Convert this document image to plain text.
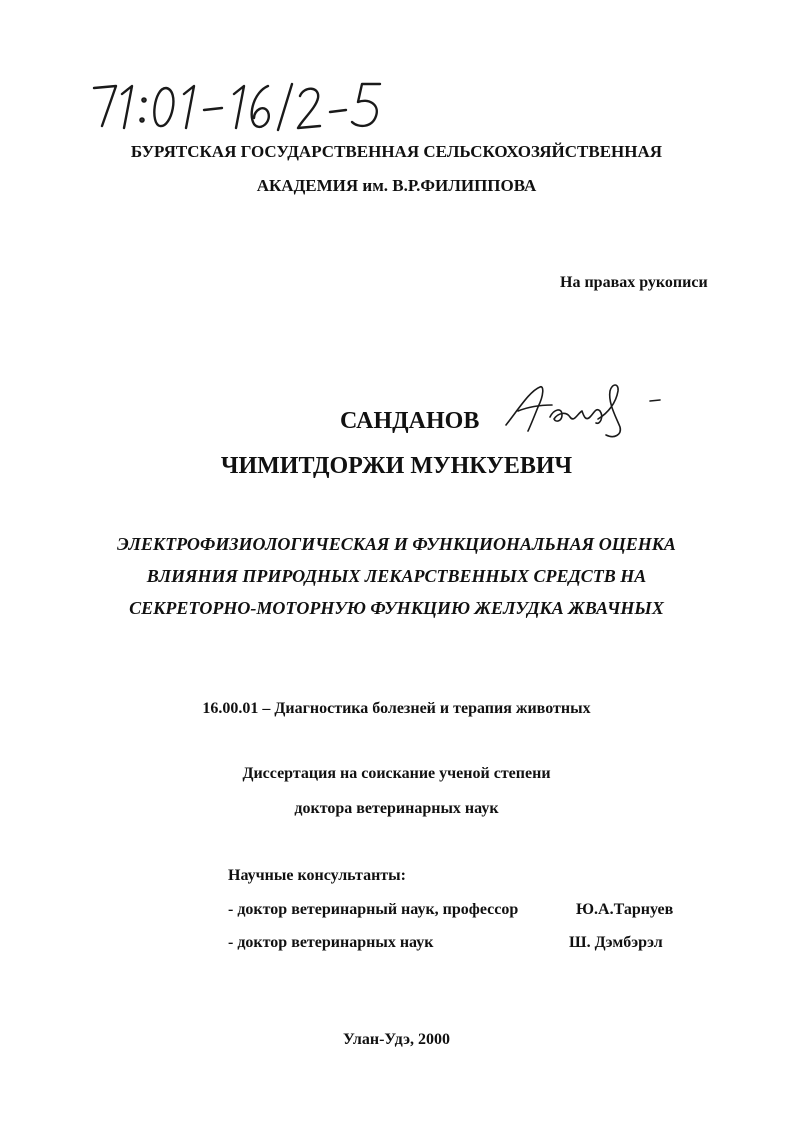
БУРЯТСКАЯ ГОСУДАРСТВЕННАЯ СЕЛЬСКОХОЗЯЙСТВЕННАЯ
АКАДЕМИЯ им. В.Р.ФИЛИППОВА
На правах рукописи
САНДАНОВ
ЧИМИТДОРЖИ МУНКУЕВИЧ
ЭЛЕКТРОФИЗИОЛОГИЧЕСКАЯ И ФУНКЦИОНАЛЬНАЯ ОЦЕНКА
ВЛИЯНИЯ ПРИРОДНЫХ ЛЕКАРСТВЕННЫХ СРЕДСТВ НА
СЕКРЕТОРНО-МОТОРНУЮ ФУНКЦИЮ ЖЕЛУДКА ЖВАЧНЫХ
16.00.01 – Диагностика болезней и терапия животных
Диссертация на соискание ученой степени
доктора ветеринарных наук
Научные консультанты:
- доктор ветеринарный наук, профессор	Ю.А.Тарнуев
- доктор ветеринарных наук	Ш. Дэмбэрэл
Улан-Удэ, 2000
